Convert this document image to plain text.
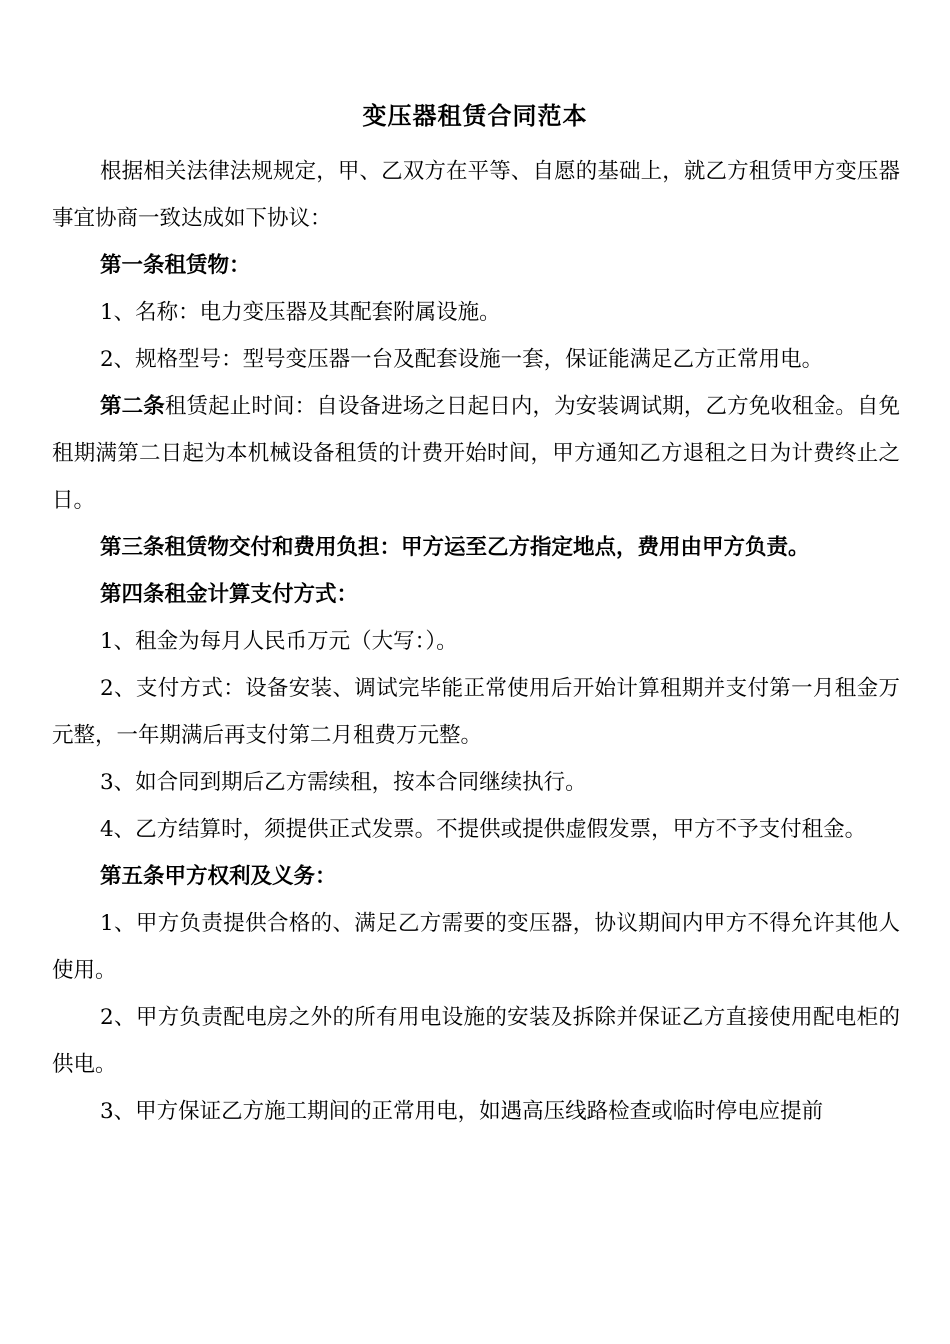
变压器租赁合同范本

根据相关法律法规规定，甲、乙双方在平等、自愿的基础上，就乙方租赁甲方变压器事宜协商一致达成如下协议：

第一条租赁物：

1、名称：电力变压器及其配套附属设施。

2、规格型号：型号变压器一台及配套设施一套，保证能满足乙方正常用电。

第二条租赁起止时间：自设备进场之日起日内，为安装调试期，乙方免收租金。自免租期满第二日起为本机械设备租赁的计费开始时间，甲方通知乙方退租之日为计费终止之日。

第三条租赁物交付和费用负担：甲方运至乙方指定地点，费用由甲方负责。

第四条租金计算支付方式：

1、租金为每月人民币万元（大写：）。

2、支付方式：设备安装、调试完毕能正常使用后开始计算租期并支付第一月租金万元整，一年期满后再支付第二月租费万元整。

3、如合同到期后乙方需续租，按本合同继续执行。

4、乙方结算时，须提供正式发票。不提供或提供虚假发票，甲方不予支付租金。

第五条甲方权利及义务：

1、甲方负责提供合格的、满足乙方需要的变压器，协议期间内甲方不得允许其他人使用。

2、甲方负责配电房之外的所有用电设施的安装及拆除并保证乙方直接使用配电柜的供电。

3、甲方保证乙方施工期间的正常用电，如遇高压线路检查或临时停电应提前
